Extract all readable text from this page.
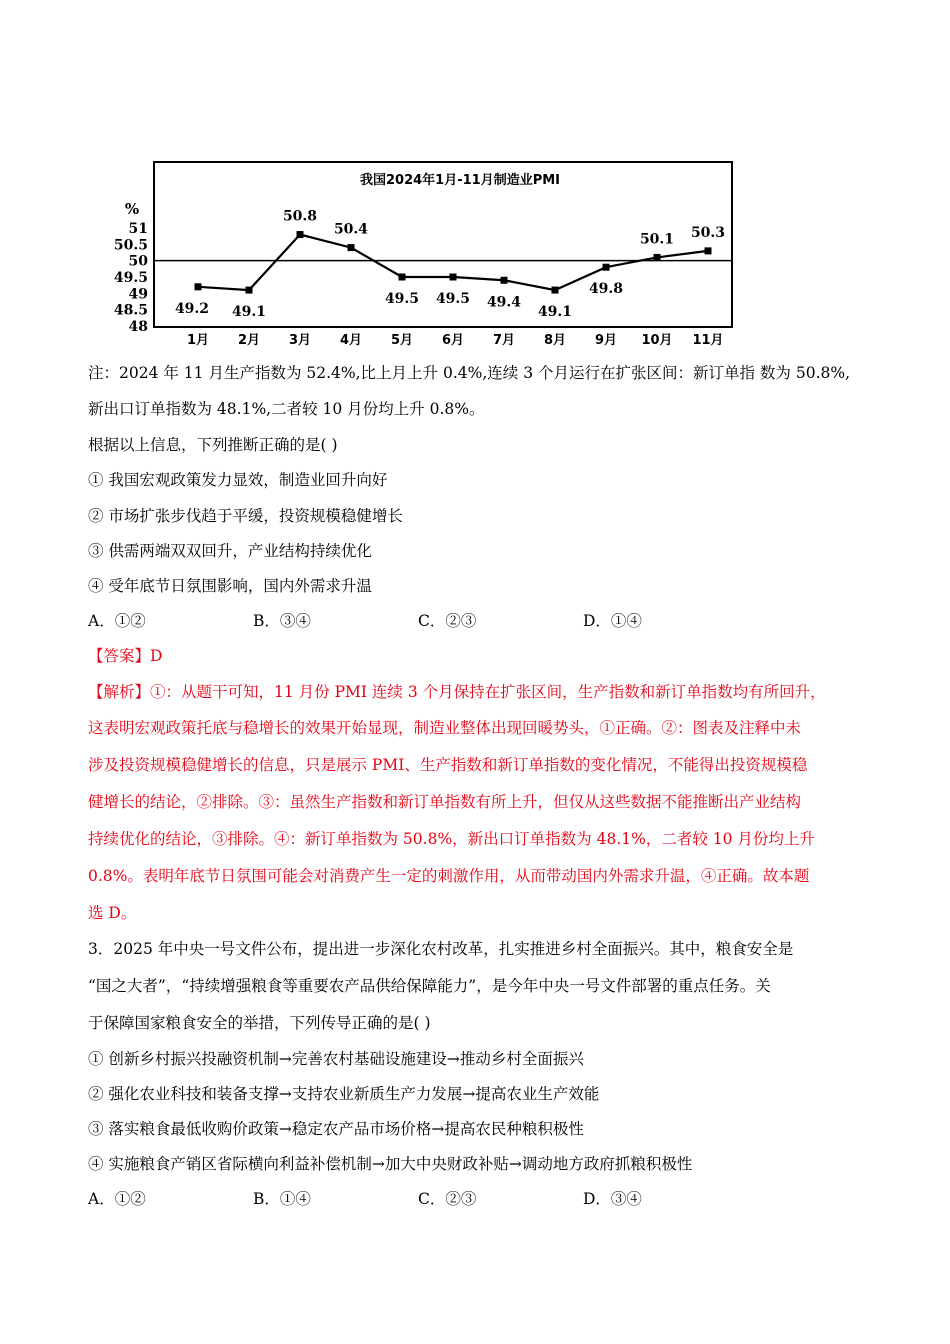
我国2024年1月-11月制造业PMI
%
48
48.5
49
49.5
50
50.5
51
49.2 49.1
50.8
50.4
49.5 49.5 49.4
49.1
49.8
50.1 50.3
1月 2月 3月 4月 5月 6月 7月 8月 9月 10月 11月
注：2024 年 11 月生产指数为 52.4%,比上月上升 0.4%,连续 3 个月运行在扩张区间：新订单指 数为 50.8%,
新出口订单指数为 48.1%,二者较 10 月份均上升 0.8%。
根据以上信息，下列推断正确的是( )
① 我国宏观政策发力显效，制造业回升向好
② 市场扩张步伐趋于平缓，投资规模稳健增长
③ 供需两端双双回升，产业结构持续优化
④ 受年底节日氛围影响，国内外需求升温
A．①②	B．③④	C．②③	D．①④
【答案】D
【解析】①：从题干可知，11 月份 PMI 连续 3 个月保持在扩张区间，生产指数和新订单指数均有所回升，
这表明宏观政策托底与稳增长的效果开始显现，制造业整体出现回暖势头，①正确。②：图表及注释中未
涉及投资规模稳健增长的信息，只是展示 PMI、生产指数和新订单指数的变化情况，不能得出投资规模稳
健增长的结论，②排除。③：虽然生产指数和新订单指数有所上升，但仅从这些数据不能推断出产业结构
持续优化的结论，③排除。④：新订单指数为 50.8%，新出口订单指数为 48.1%，二者较 10 月份均上升
0.8%。表明年底节日氛围可能会对消费产生一定的刺激作用，从而带动国内外需求升温，④正确。故本题
选 D。
3．2025 年中央一号文件公布，提出进一步深化农村改革，扎实推进乡村全面振兴。其中，粮食安全是
“国之大者”，“持续增强粮食等重要农产品供给保障能力”，是今年中央一号文件部署的重点任务。关
于保障国家粮食安全的举措，下列传导正确的是( )
① 创新乡村振兴投融资机制→完善农村基础设施建设→推动乡村全面振兴
② 强化农业科技和装备支撑→支持农业新质生产力发展→提高农业生产效能
③ 落实粮食最低收购价政策→稳定农产品市场价格→提高农民种粮积极性
④ 实施粮食产销区省际横向利益补偿机制→加大中央财政补贴→调动地方政府抓粮积极性
A．①②	B．①④	C．②③	D．③④
